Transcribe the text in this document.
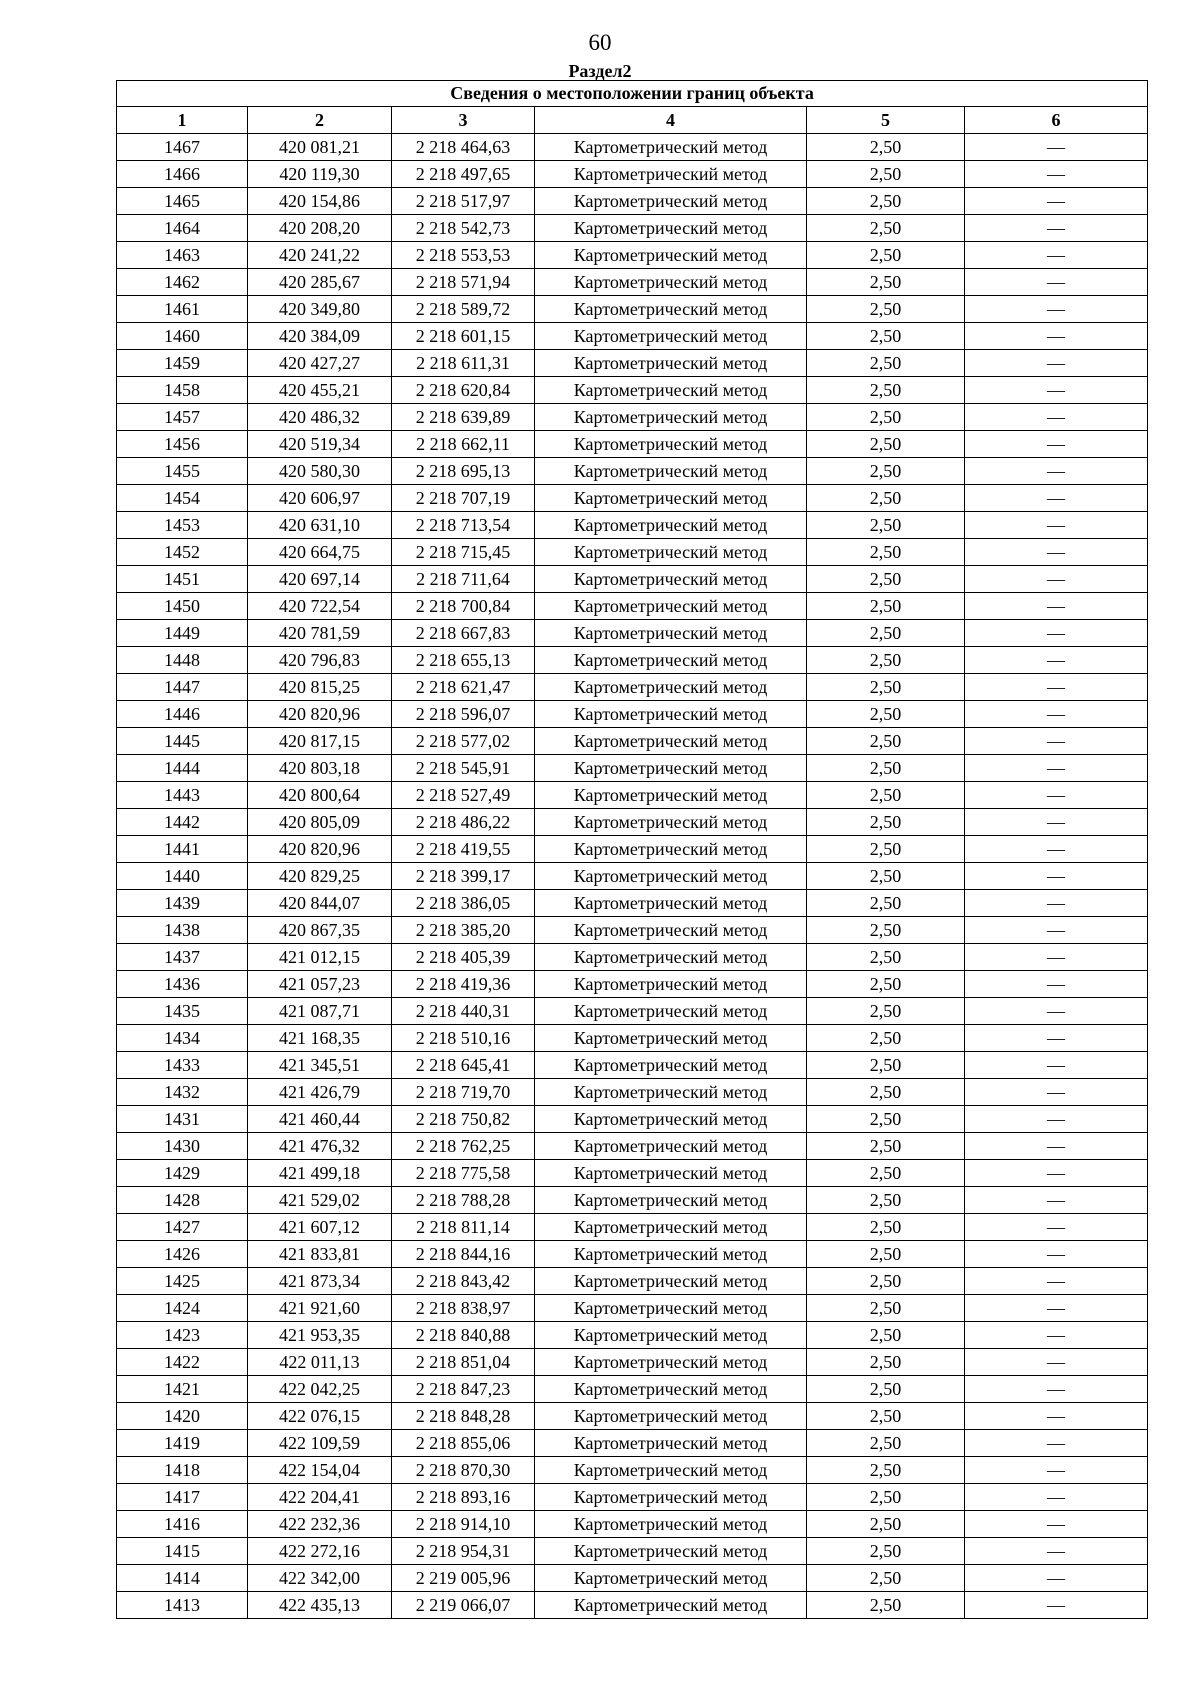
60
Раздел2
Сведения о местоположении границ объекта					
1	2	3	4	5	6
1467	420 081,21	2 218 464,63	Картометрический метод	2,50	—
1466	420 119,30	2 218 497,65	Картометрический метод	2,50	—
1465	420 154,86	2 218 517,97	Картометрический метод	2,50	—
1464	420 208,20	2 218 542,73	Картометрический метод	2,50	—
1463	420 241,22	2 218 553,53	Картометрический метод	2,50	—
1462	420 285,67	2 218 571,94	Картометрический метод	2,50	—
1461	420 349,80	2 218 589,72	Картометрический метод	2,50	—
1460	420 384,09	2 218 601,15	Картометрический метод	2,50	—
1459	420 427,27	2 218 611,31	Картометрический метод	2,50	—
1458	420 455,21	2 218 620,84	Картометрический метод	2,50	—
1457	420 486,32	2 218 639,89	Картометрический метод	2,50	—
1456	420 519,34	2 218 662,11	Картометрический метод	2,50	—
1455	420 580,30	2 218 695,13	Картометрический метод	2,50	—
1454	420 606,97	2 218 707,19	Картометрический метод	2,50	—
1453	420 631,10	2 218 713,54	Картометрический метод	2,50	—
1452	420 664,75	2 218 715,45	Картометрический метод	2,50	—
1451	420 697,14	2 218 711,64	Картометрический метод	2,50	—
1450	420 722,54	2 218 700,84	Картометрический метод	2,50	—
1449	420 781,59	2 218 667,83	Картометрический метод	2,50	—
1448	420 796,83	2 218 655,13	Картометрический метод	2,50	—
1447	420 815,25	2 218 621,47	Картометрический метод	2,50	—
1446	420 820,96	2 218 596,07	Картометрический метод	2,50	—
1445	420 817,15	2 218 577,02	Картометрический метод	2,50	—
1444	420 803,18	2 218 545,91	Картометрический метод	2,50	—
1443	420 800,64	2 218 527,49	Картометрический метод	2,50	—
1442	420 805,09	2 218 486,22	Картометрический метод	2,50	—
1441	420 820,96	2 218 419,55	Картометрический метод	2,50	—
1440	420 829,25	2 218 399,17	Картометрический метод	2,50	—
1439	420 844,07	2 218 386,05	Картометрический метод	2,50	—
1438	420 867,35	2 218 385,20	Картометрический метод	2,50	—
1437	421 012,15	2 218 405,39	Картометрический метод	2,50	—
1436	421 057,23	2 218 419,36	Картометрический метод	2,50	—
1435	421 087,71	2 218 440,31	Картометрический метод	2,50	—
1434	421 168,35	2 218 510,16	Картометрический метод	2,50	—
1433	421 345,51	2 218 645,41	Картометрический метод	2,50	—
1432	421 426,79	2 218 719,70	Картометрический метод	2,50	—
1431	421 460,44	2 218 750,82	Картометрический метод	2,50	—
1430	421 476,32	2 218 762,25	Картометрический метод	2,50	—
1429	421 499,18	2 218 775,58	Картометрический метод	2,50	—
1428	421 529,02	2 218 788,28	Картометрический метод	2,50	—
1427	421 607,12	2 218 811,14	Картометрический метод	2,50	—
1426	421 833,81	2 218 844,16	Картометрический метод	2,50	—
1425	421 873,34	2 218 843,42	Картометрический метод	2,50	—
1424	421 921,60	2 218 838,97	Картометрический метод	2,50	—
1423	421 953,35	2 218 840,88	Картометрический метод	2,50	—
1422	422 011,13	2 218 851,04	Картометрический метод	2,50	—
1421	422 042,25	2 218 847,23	Картометрический метод	2,50	—
1420	422 076,15	2 218 848,28	Картометрический метод	2,50	—
1419	422 109,59	2 218 855,06	Картометрический метод	2,50	—
1418	422 154,04	2 218 870,30	Картометрический метод	2,50	—
1417	422 204,41	2 218 893,16	Картометрический метод	2,50	—
1416	422 232,36	2 218 914,10	Картометрический метод	2,50	—
1415	422 272,16	2 218 954,31	Картометрический метод	2,50	—
1414	422 342,00	2 219 005,96	Картометрический метод	2,50	—
1413	422 435,13	2 219 066,07	Картометрический метод	2,50	—
